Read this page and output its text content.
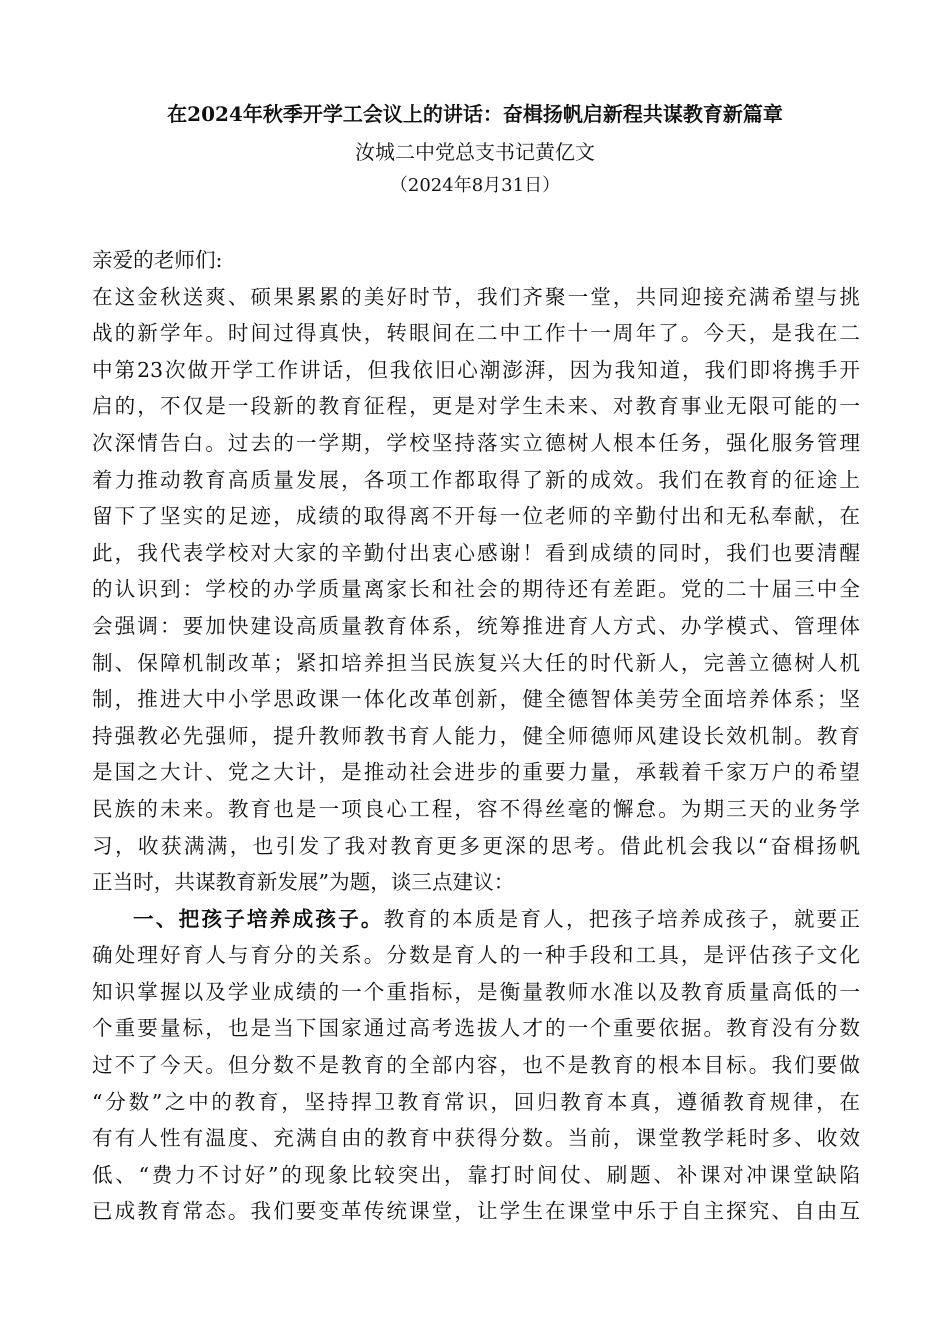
在2024年秋季开学工会议上的讲话：奋楫扬帆启新程共谋教育新篇章
汝城二中党总支书记黄亿文
（2024年8月31日）
亲爱的老师们:
在这金秋送爽、硕果累累的美好时节，我们齐聚一堂，共同迎接充满希望与挑
战的新学年。时间过得真快，转眼间在二中工作十一周年了。今天，是我在二
中第23次做开学工作讲话，但我依旧心潮澎湃，因为我知道，我们即将携手开
启的，不仅是一段新的教育征程，更是对学生未来、对教育事业无限可能的一
次深情告白。过去的一学期，学校坚持落实立德树人根本任务，强化服务管理
着力推动教育高质量发展，各项工作都取得了新的成效。我们在教育的征途上
留下了坚实的足迹，成绩的取得离不开每一位老师的辛勤付出和无私奉献，在
此，我代表学校对大家的辛勤付出衷心感谢！看到成绩的同时，我们也要清醒
的认识到：学校的办学质量离家长和社会的期待还有差距。党的二十届三中全
会强调：要加快建设高质量教育体系，统筹推进育人方式、办学模式、管理体
制、保障机制改革；紧扣培养担当民族复兴大任的时代新人，完善立德树人机
制，推进大中小学思政课一体化改革创新，健全德智体美劳全面培养体系；坚
持强教必先强师，提升教师教书育人能力，健全师德师风建设长效机制。教育
是国之大计、党之大计，是推动社会进步的重要力量，承载着千家万户的希望
民族的未来。教育也是一项良心工程，容不得丝毫的懈怠。为期三天的业务学
习，收获满满，也引发了我对教育更多更深的思考。借此机会我以“奋楫扬帆
正当时，共谋教育新发展”为题，谈三点建议：
一、把孩子培养成孩子。教育的本质是育人，把孩子培养成孩子，就要正
确处理好育人与育分的关系。分数是育人的一种手段和工具，是评估孩子文化
知识掌握以及学业成绩的一个重指标，是衡量教师水准以及教育质量高低的一
个重要量标，也是当下国家通过高考选拔人才的一个重要依据。教育没有分数
过不了今天。但分数不是教育的全部内容，也不是教育的根本目标。我们要做
“分数”之中的教育，坚持捍卫教育常识，回归教育本真，遵循教育规律，在
有有人性有温度、充满自由的教育中获得分数。当前，课堂教学耗时多、收效
低、“费力不讨好”的现象比较突出，靠打时间仗、刷题、补课对冲课堂缺陷
已成教育常态。我们要变革传统课堂，让学生在课堂中乐于自主探究、自由互
